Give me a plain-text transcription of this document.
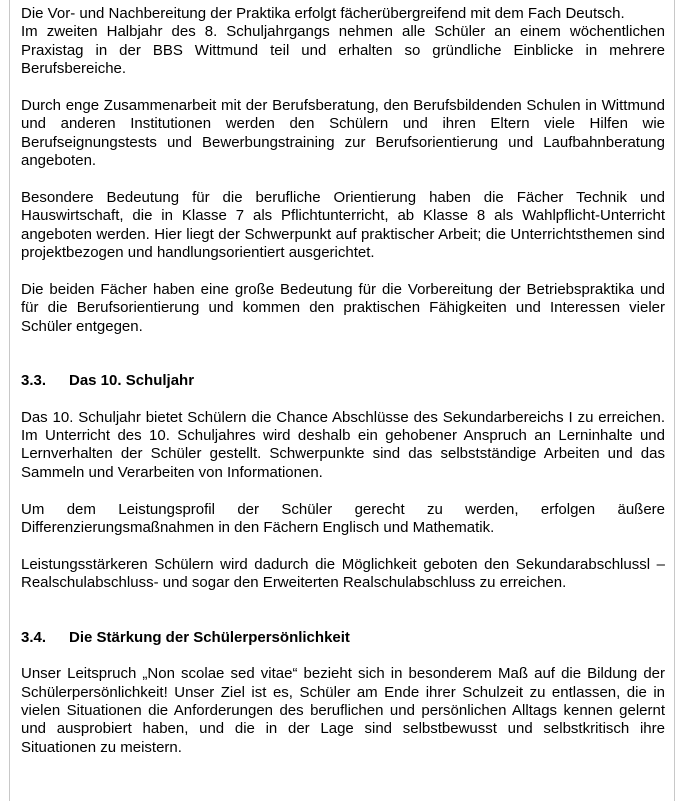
Die Vor- und Nachbereitung der Praktika erfolgt fächerübergreifend mit dem Fach Deutsch.

Im zweiten Halbjahr des 8. Schuljahrgangs nehmen alle Schüler an einem wöchentlichen Praxistag in der BBS Wittmund teil und erhalten so gründliche Einblicke in mehrere Berufsbereiche.

Durch enge Zusammenarbeit mit der Berufsberatung, den Berufsbildenden Schulen in Wittmund und anderen Institutionen werden den Schülern und ihren Eltern viele Hilfen wie Berufseignungstests und Bewerbungstraining zur Berufsorientierung und Laufbahnberatung angeboten.

Besondere Bedeutung für die berufliche Orientierung haben die Fächer Technik und Hauswirtschaft, die in Klasse 7 als Pflichtunterricht, ab Klasse 8 als Wahlpflicht-Unterricht angeboten werden. Hier liegt der Schwerpunkt auf praktischer Arbeit; die Unterrichtsthemen sind projektbezogen und handlungsorientiert ausgerichtet.

Die beiden Fächer haben eine große Bedeutung für die Vorbereitung der Betriebspraktika und für die Berufsorientierung und kommen den praktischen Fähigkeiten und Interessen vieler Schüler entgegen.

3.3.	Das 10. Schuljahr

Das 10. Schuljahr bietet Schülern die Chance Abschlüsse des Sekundarbereichs I zu erreichen. Im Unterricht des 10. Schuljahres wird deshalb ein gehobener Anspruch an Lerninhalte und Lernverhalten der Schüler gestellt. Schwerpunkte sind das selbstständige Arbeiten und das Sammeln und Verarbeiten von Informationen.

Um dem Leistungsprofil der Schüler gerecht zu werden, erfolgen äußere Differenzierungsmaßnahmen in den Fächern Englisch und Mathematik.

Leistungsstärkeren Schülern wird dadurch die Möglichkeit geboten den Sekundarabschlussl –Realschulabschluss- und sogar den Erweiterten Realschulabschluss zu erreichen.

3.4.	Die Stärkung der Schülerpersönlichkeit

Unser Leitspruch „Non scolae sed vitae“ bezieht sich in besonderem Maß auf die Bildung der Schülerpersönlichkeit! Unser Ziel ist es, Schüler am Ende ihrer Schulzeit zu entlassen, die in vielen Situationen die Anforderungen des beruflichen und persönlichen Alltags kennen gelernt und ausprobiert haben, und die in der Lage sind selbstbewusst und selbstkritisch ihre Situationen zu meistern.
